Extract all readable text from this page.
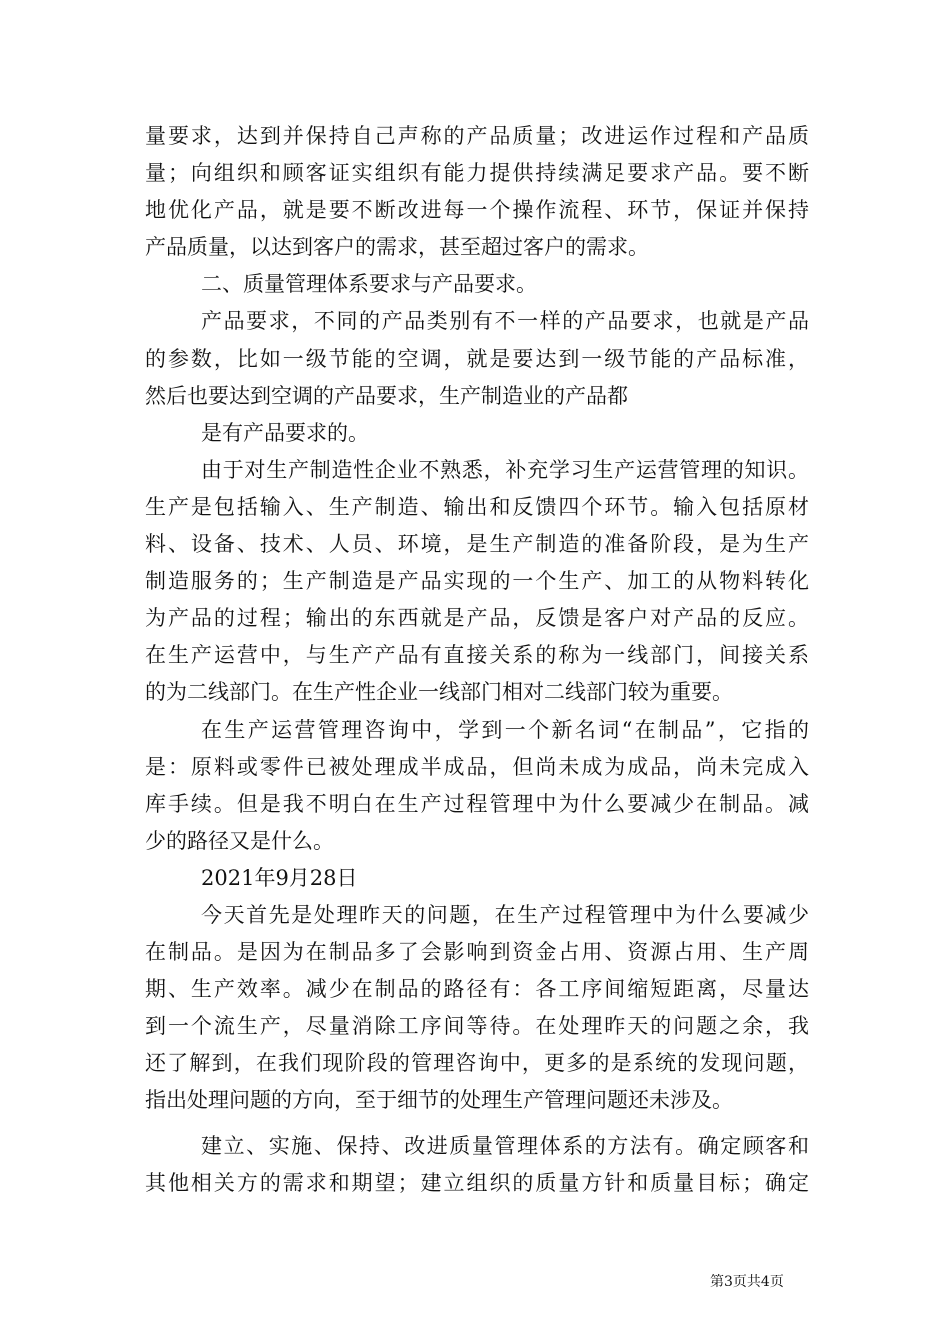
量要求，达到并保持自己声称的产品质量；改进运作过程和产品质
量；向组织和顾客证实组织有能力提供持续满足要求产品。要不断
地优化产品，就是要不断改进每一个操作流程、环节，保证并保持
产品质量，以达到客户的需求，甚至超过客户的需求。
二、质量管理体系要求与产品要求。
产品要求，不同的产品类别有不一样的产品要求，也就是产品
的参数，比如一级节能的空调，就是要达到一级节能的产品标准，
然后也要达到空调的产品要求，生产制造业的产品都
是有产品要求的。
由于对生产制造性企业不熟悉，补充学习生产运营管理的知识。
生产是包括输入、生产制造、输出和反馈四个环节。输入包括原材
料、设备、技术、人员、环境，是生产制造的准备阶段，是为生产
制造服务的；生产制造是产品实现的一个生产、加工的从物料转化
为产品的过程；输出的东西就是产品，反馈是客户对产品的反应。
在生产运营中，与生产产品有直接关系的称为一线部门，间接关系
的为二线部门。在生产性企业一线部门相对二线部门较为重要。
在生产运营管理咨询中，学到一个新名词“在制品”，它指的
是：原料或零件已被处理成半成品，但尚未成为成品，尚未完成入
库手续。但是我不明白在生产过程管理中为什么要减少在制品。减
少的路径又是什么。
2021年9月28日
今天首先是处理昨天的问题，在生产过程管理中为什么要减少
在制品。是因为在制品多了会影响到资金占用、资源占用、生产周
期、生产效率。减少在制品的路径有：各工序间缩短距离，尽量达
到一个流生产，尽量消除工序间等待。在处理昨天的问题之余，我
还了解到，在我们现阶段的管理咨询中，更多的是系统的发现问题，
指出处理问题的方向，至于细节的处理生产管理问题还未涉及。
建立、实施、保持、改进质量管理体系的方法有。确定顾客和
其他相关方的需求和期望；建立组织的质量方针和质量目标；确定
第3页共4页
